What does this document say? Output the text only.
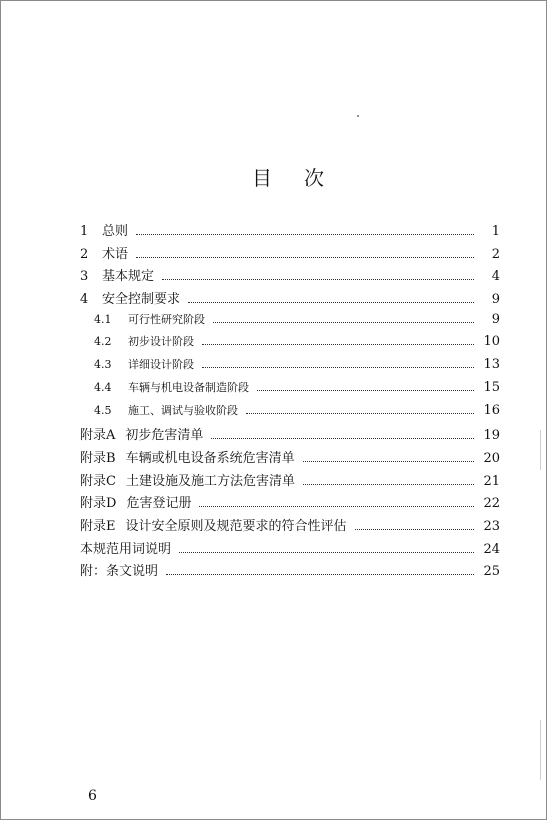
目 次
1	总则	1
2	术语	2
3	基本规定	4
4	安全控制要求	9
4.1	可行性研究阶段	9
4.2	初步设计阶段	10
4.3	详细设计阶段	13
4.4	车辆与机电设备制造阶段	15
4.5	施工、调试与验收阶段	16
附录A 初步危害清单	19
附录B 车辆或机电设备系统危害清单	20
附录C 土建设施及施工方法危害清单	21
附录D 危害登记册	22
附录E 设计安全原则及规范要求的符合性评估	23
本规范用词说明	24
附：条文说明	25
6
